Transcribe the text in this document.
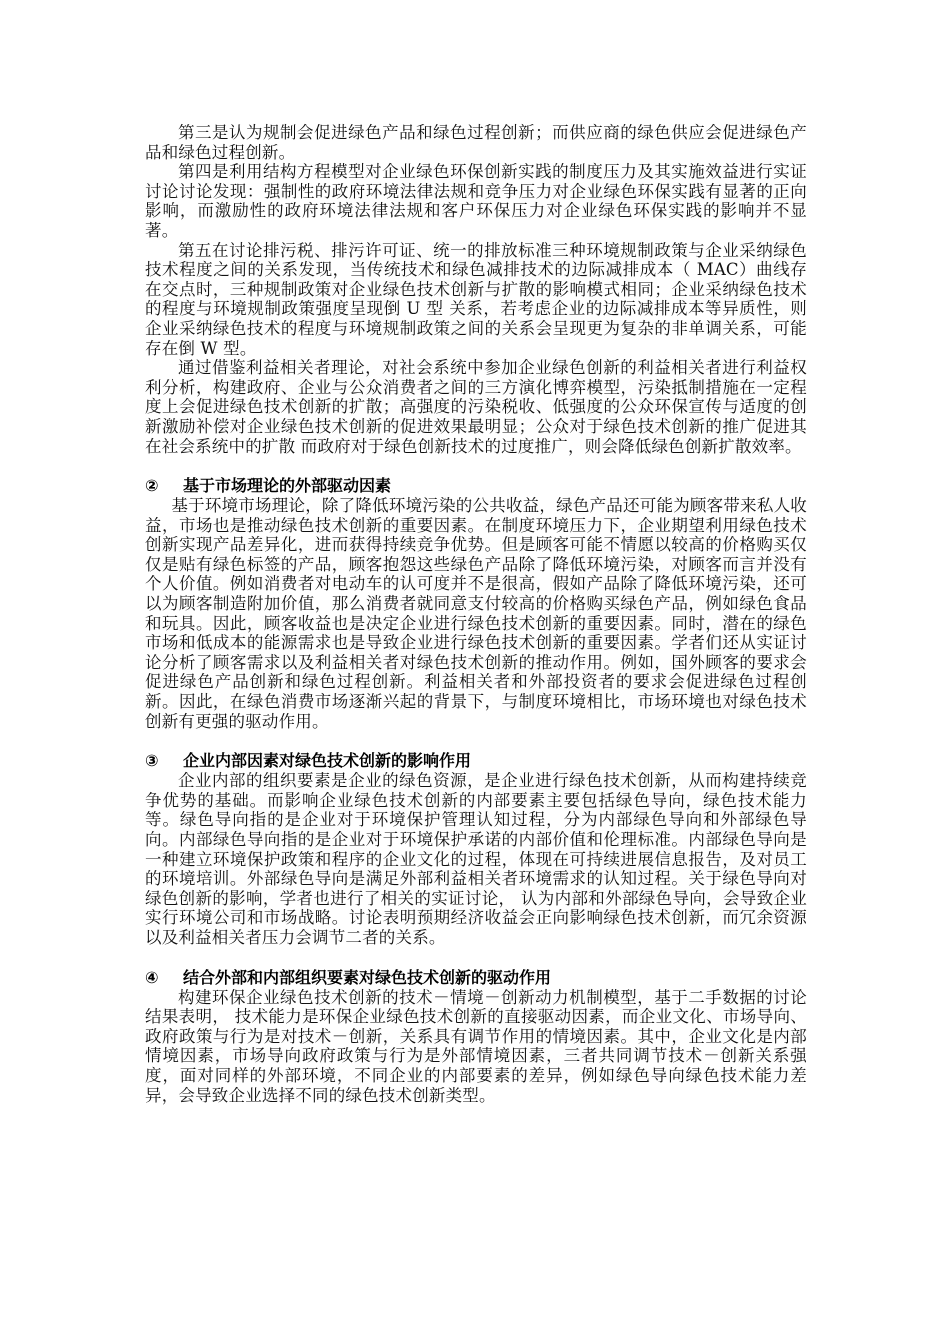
第三是认为规制会促进绿色产品和绿色过程创新；而供应商的绿色供应会促进绿色产品和绿色过程创新。

第四是利用结构方程模型对企业绿色环保创新实践的制度压力及其实施效益进行实证讨论讨论发现：强制性的政府环境法律法规和竞争压力对企业绿色环保实践有显著的正向影响，而激励性的政府环境法律法规和客户环保压力对企业绿色环保实践的影响并不显著。

第五在讨论排污税、排污许可证、统一的排放标准三种环境规制政策与企业采纳绿色技术程度之间的关系发现，当传统技术和绿色减排技术的边际减排成本（ MAC）曲线存在交点时，三种规制政策对企业绿色技术创新与扩散的影响模式相同；企业采纳绿色技术的程度与环境规制政策强度呈现倒 U 型 关系，若考虑企业的边际减排成本等异质性，则企业采纳绿色技术的程度与环境规制政策之间的关系会呈现更为复杂的非单调关系，可能存在倒 W 型。

通过借鉴利益相关者理论，对社会系统中参加企业绿色创新的利益相关者进行利益权利分析，构建政府、企业与公众消费者之间的三方演化博弈模型，污染抵制措施在一定程度上会促进绿色技术创新的扩散；高强度的污染税收、低强度的公众环保宣传与适度的创新激励补偿对企业绿色技术创新的促进效果最明显；公众对于绿色技术创新的推广促进其在社会系统中的扩散 而政府对于绿色创新技术的过度推广，则会降低绿色创新扩散效率。

②	基于市场理论的外部驱动因素

基于环境市场理论，除了降低环境污染的公共收益，绿色产品还可能为顾客带来私人收益，市场也是推动绿色技术创新的重要因素。在制度环境压力下，企业期望利用绿色技术创新实现产品差异化，进而获得持续竞争优势。但是顾客可能不情愿以较高的价格购买仅仅是贴有绿色标签的产品，顾客抱怨这些绿色产品除了降低环境污染，对顾客而言并没有个人价值。例如消费者对电动车的认可度并不是很高，假如产品除了降低环境污染，还可以为顾客制造附加价值，那么消费者就同意支付较高的价格购买绿色产品，例如绿色食品和玩具。因此，顾客收益也是决定企业进行绿色技术创新的重要因素。同时，潜在的绿色市场和低成本的能源需求也是导致企业进行绿色技术创新的重要因素。学者们还从实证讨论分析了顾客需求以及利益相关者对绿色技术创新的推动作用。例如，国外顾客的要求会促进绿色产品创新和绿色过程创新。利益相关者和外部投资者的要求会促进绿色过程创新。因此，在绿色消费市场逐渐兴起的背景下，与制度环境相比，市场环境也对绿色技术创新有更强的驱动作用。

③	企业内部因素对绿色技术创新的影响作用

企业内部的组织要素是企业的绿色资源，是企业进行绿色技术创新，从而构建持续竞争优势的基础。而影响企业绿色技术创新的内部要素主要包括绿色导向，绿色技术能力等。绿色导向指的是企业对于环境保护管理认知过程，分为内部绿色导向和外部绿色导向。内部绿色导向指的是企业对于环境保护承诺的内部价值和伦理标准。内部绿色导向是一种建立环境保护政策和程序的企业文化的过程，体现在可持续进展信息报告，及对员工的环境培训。外部绿色导向是满足外部利益相关者环境需求的认知过程。关于绿色导向对绿色创新的影响，学者也进行了相关的实证讨论， 认为内部和外部绿色导向，会导致企业实行环境公司和市场战略。讨论表明预期经济收益会正向影响绿色技术创新，而冗余资源以及利益相关者压力会调节二者的关系。

④	结合外部和内部组织要素对绿色技术创新的驱动作用

构建环保企业绿色技术创新的技术－情境－创新动力机制模型，基于二手数据的讨论结果表明， 技术能力是环保企业绿色技术创新的直接驱动因素，而企业文化、市场导向、 政府政策与行为是对技术－创新，关系具有调节作用的情境因素。其中，企业文化是内部情境因素，市场导向政府政策与行为是外部情境因素，三者共同调节技术－创新关系强度，面对同样的外部环境，不同企业的内部要素的差异，例如绿色导向绿色技术能力差异，会导致企业选择不同的绿色技术创新类型。
